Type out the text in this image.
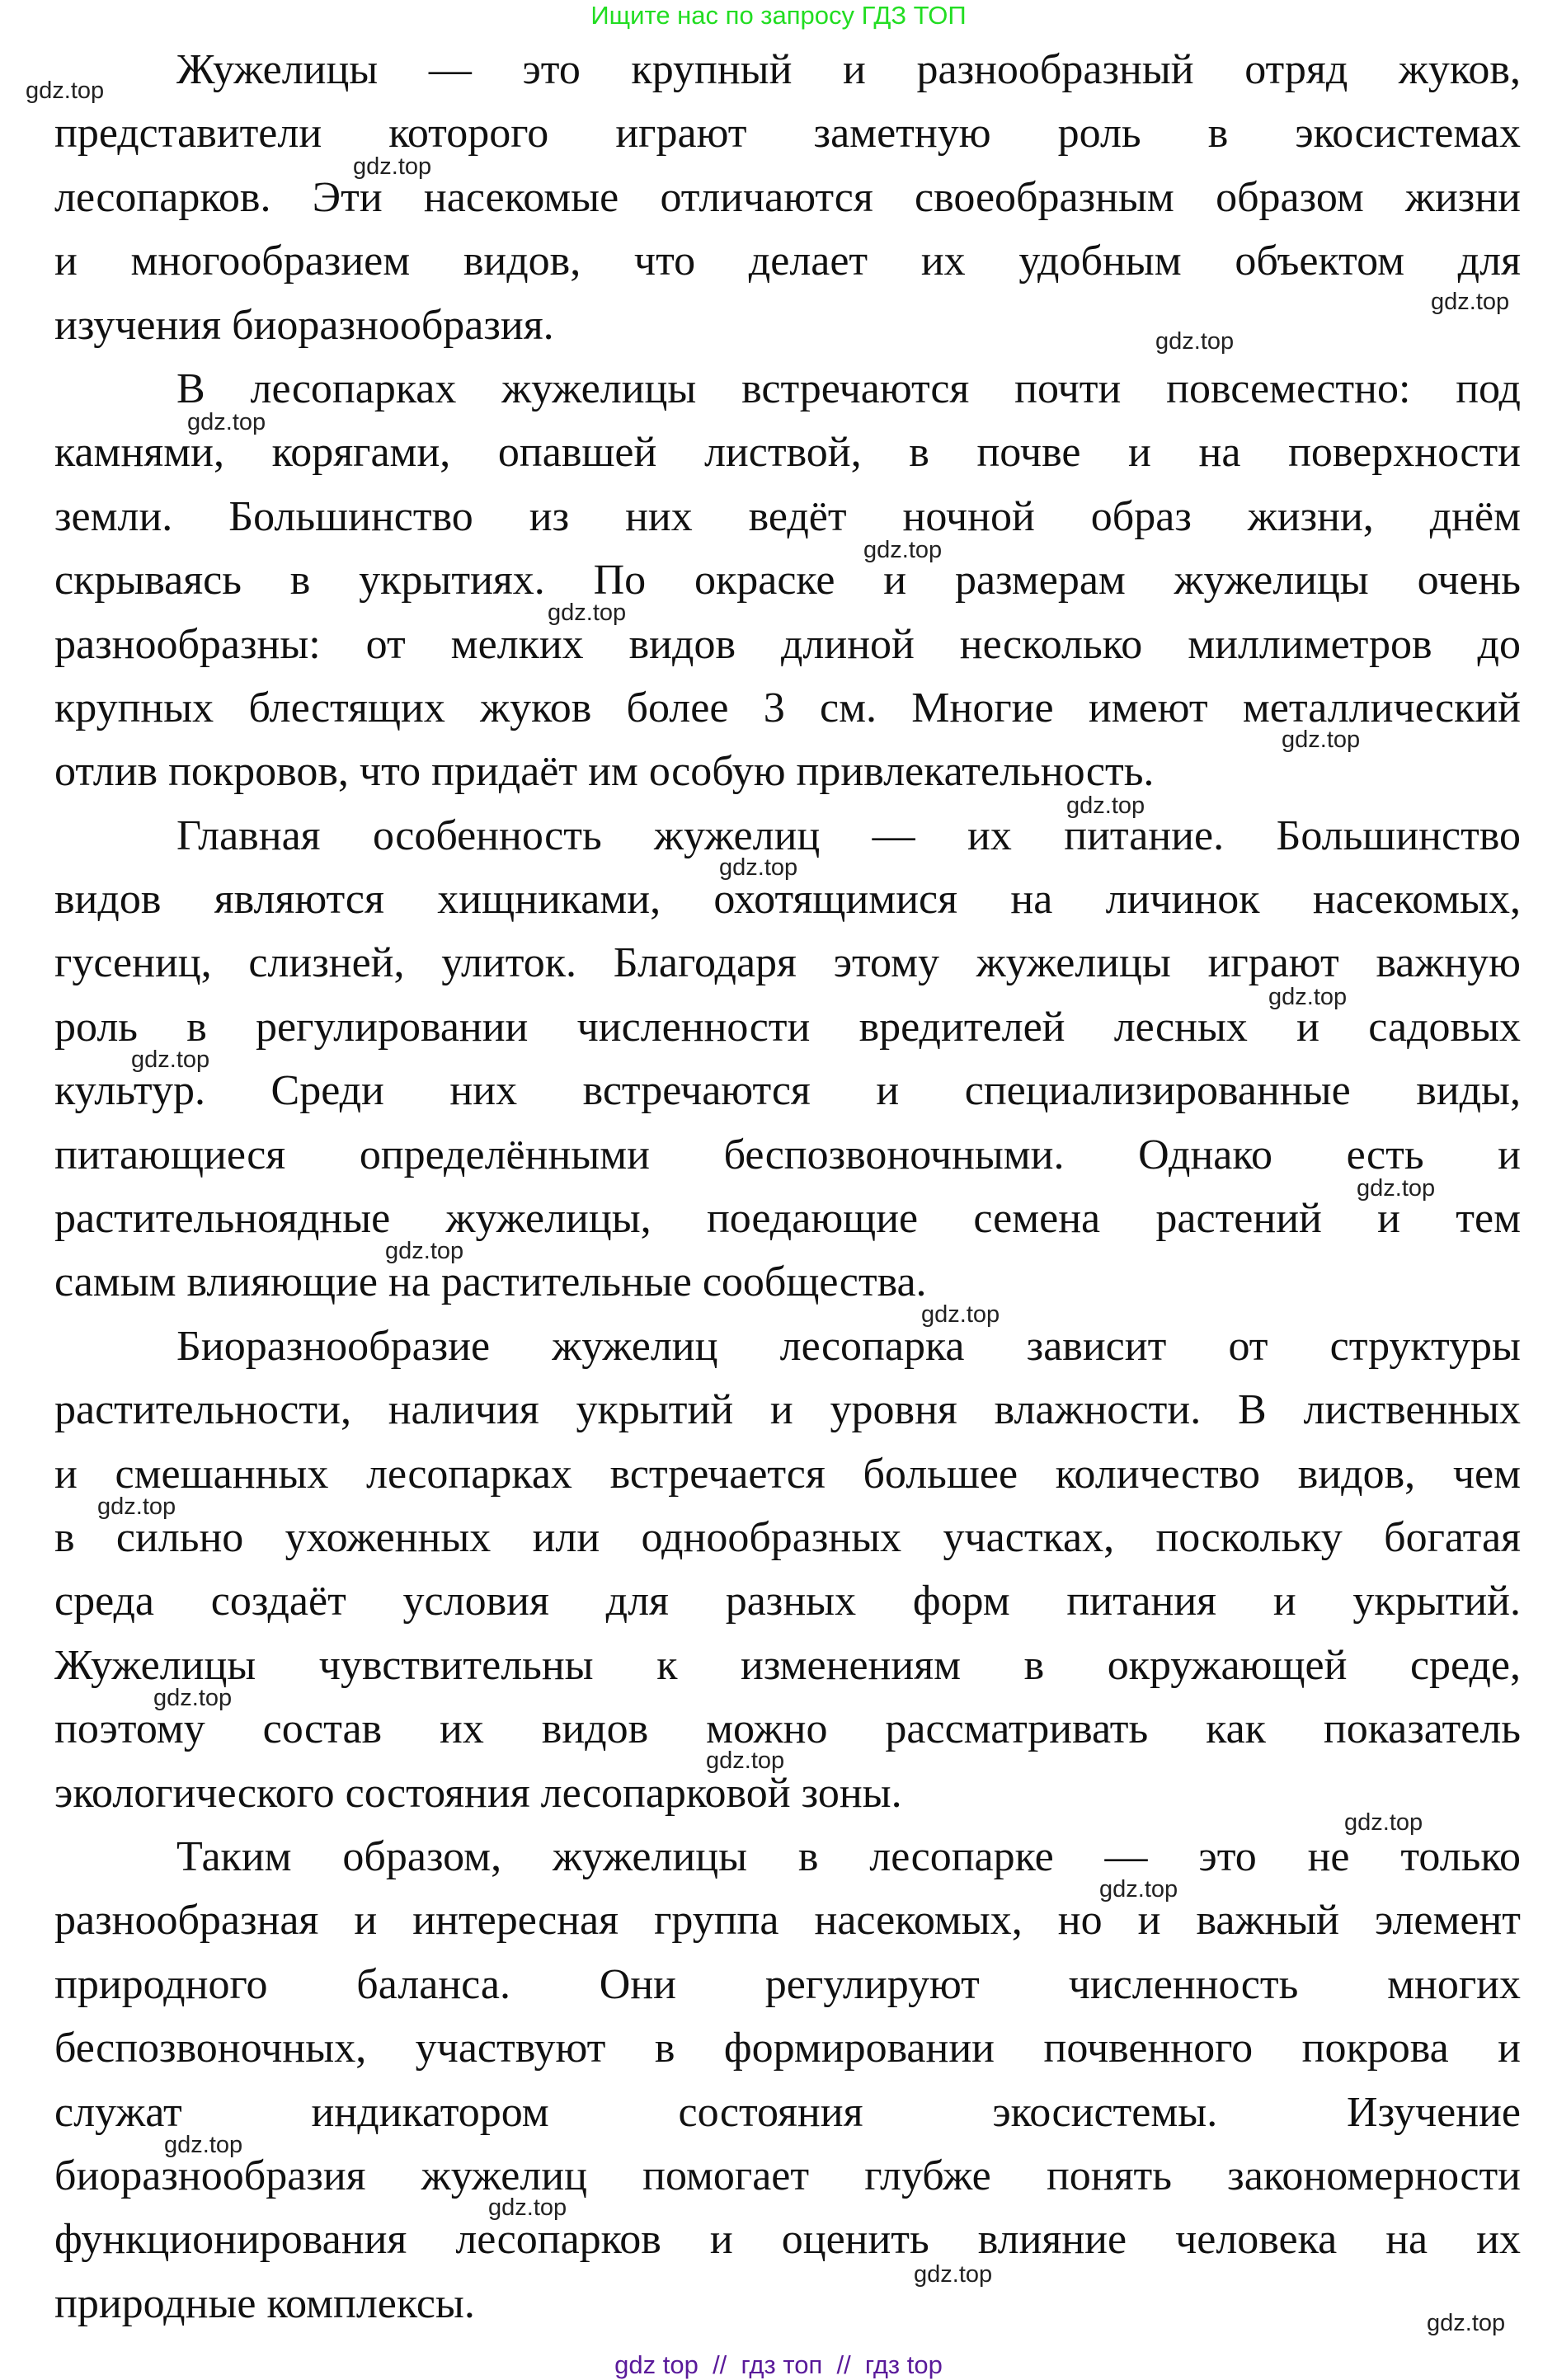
Ищите нас по запросу ГДЗ ТОП
Жужелицы — это крупный и разнообразный отряд жуков,
представители которого играют заметную роль в экосистемах
лесопарков. Эти насекомые отличаются своеобразным образом жизни
и многообразием видов, что делает их удобным объектом для
изучения биоразнообразия.
В лесопарках жужелицы встречаются почти повсеместно: под
камнями, корягами, опавшей листвой, в почве и на поверхности
земли. Большинство из них ведёт ночной образ жизни, днём
скрываясь в укрытиях. По окраске и размерам жужелицы очень
разнообразны: от мелких видов длиной несколько миллиметров до
крупных блестящих жуков более 3 см. Многие имеют металлический
отлив покровов, что придаёт им особую привлекательность.
Главная особенность жужелиц — их питание. Большинство
видов являются хищниками, охотящимися на личинок насекомых,
гусениц, слизней, улиток. Благодаря этому жужелицы играют важную
роль в регулировании численности вредителей лесных и садовых
культур. Среди них встречаются и специализированные виды,
питающиеся определёнными беспозвоночными. Однако есть и
растительноядные жужелицы, поедающие семена растений и тем
самым влияющие на растительные сообщества.
Биоразнообразие жужелиц лесопарка зависит от структуры
растительности, наличия укрытий и уровня влажности. В лиственных
и смешанных лесопарках встречается большее количество видов, чем
в сильно ухоженных или однообразных участках, поскольку богатая
среда создаёт условия для разных форм питания и укрытий.
Жужелицы чувствительны к изменениям в окружающей среде,
поэтому состав их видов можно рассматривать как показатель
экологического состояния лесопарковой зоны.
Таким образом, жужелицы в лесопарке — это не только
разнообразная и интересная группа насекомых, но и важный элемент
природного баланса. Они регулируют численность многих
беспозвоночных, участвуют в формировании почвенного покрова и
служат индикатором состояния экосистемы. Изучение
биоразнообразия жужелиц помогает глубже понять закономерности
функционирования лесопарков и оценить влияние человека на их
природные комплексы.
gdz.top
gdz.top
gdz.top
gdz.top
gdz.top
gdz.top
gdz.top
gdz.top
gdz.top
gdz.top
gdz.top
gdz.top
gdz.top
gdz.top
gdz.top
gdz.top
gdz.top
gdz.top
gdz.top
gdz.top
gdz.top
gdz.top
gdz.top
gdz.top
gdz top  //  гдз топ  //  гдз top
